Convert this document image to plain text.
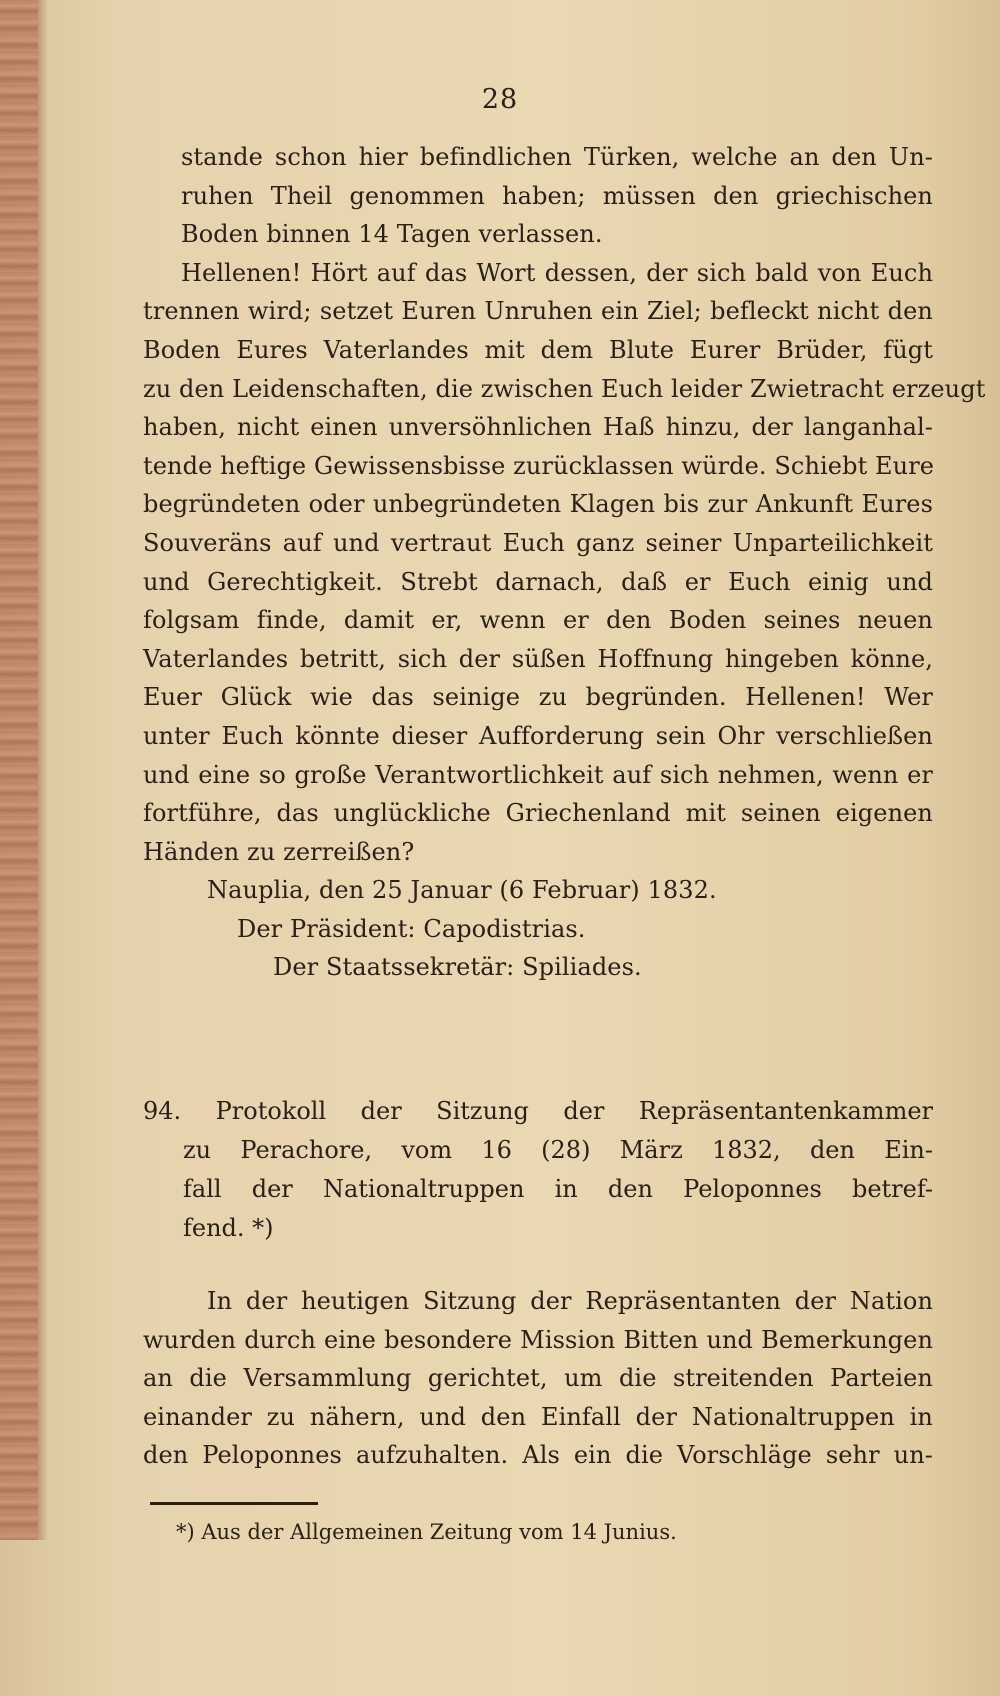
28
stande schon hier befindlichen Türken, welche an den Un-
ruhen Theil genommen haben; müssen den griechischen
Boden binnen 14 Tagen verlassen.
Hellenen! Hört auf das Wort dessen, der sich bald von Euch
trennen wird; setzet Euren Unruhen ein Ziel; befleckt nicht den
Boden Eures Vaterlandes mit dem Blute Eurer Brüder, fügt
zu den Leidenschaften, die zwischen Euch leider Zwietracht erzeugt
haben, nicht einen unversöhnlichen Haß hinzu, der langanhal-
tende heftige Gewissensbisse zurücklassen würde. Schiebt Eure
begründeten oder unbegründeten Klagen bis zur Ankunft Eures
Souveräns auf und vertraut Euch ganz seiner Unparteilichkeit
und Gerechtigkeit. Strebt darnach, daß er Euch einig und
folgsam finde, damit er, wenn er den Boden seines neuen
Vaterlandes betritt, sich der süßen Hoffnung hingeben könne,
Euer Glück wie das seinige zu begründen. Hellenen! Wer
unter Euch könnte dieser Aufforderung sein Ohr verschließen
und eine so große Verantwortlichkeit auf sich nehmen, wenn er
fortführe, das unglückliche Griechenland mit seinen eigenen
Händen zu zerreißen?
Nauplia, den 25 Januar (6 Februar) 1832.
Der Präsident: Capodistrias.
Der Staatssekretär: Spiliades.
94. Protokoll der Sitzung der Repräsentantenkammer
zu Perachore, vom 16 (28) März 1832, den Ein-
fall der Nationaltruppen in den Peloponnes betref-
fend. *)
In der heutigen Sitzung der Repräsentanten der Nation
wurden durch eine besondere Mission Bitten und Bemerkungen
an die Versammlung gerichtet, um die streitenden Parteien
einander zu nähern, und den Einfall der Nationaltruppen in
den Peloponnes aufzuhalten. Als ein die Vorschläge sehr un-
*) Aus der Allgemeinen Zeitung vom 14 Junius.
